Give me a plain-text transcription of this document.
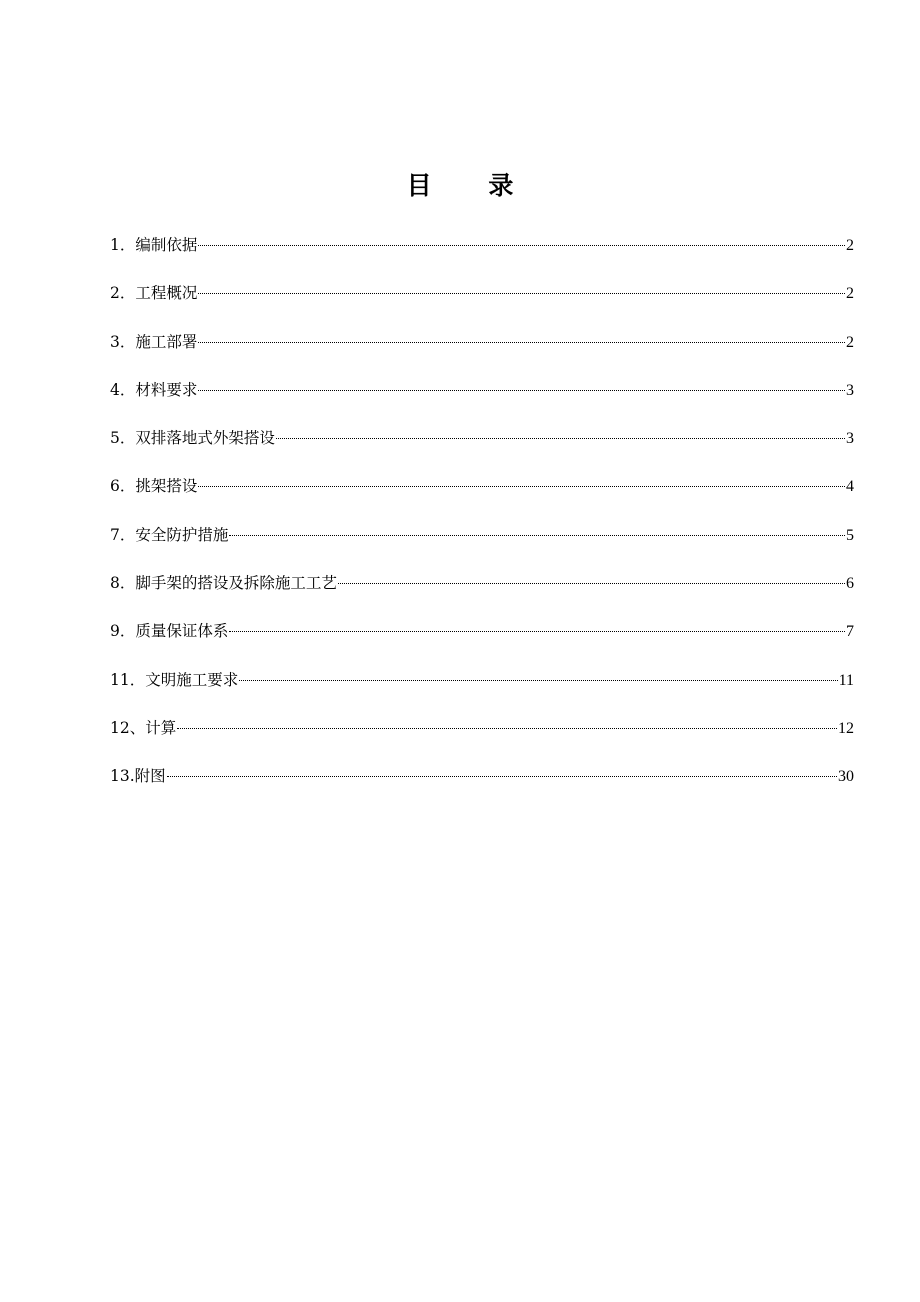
目 录
1．编制依据	2
2．工程概况	2
3．施工部署	2
4．材料要求	3
5．双排落地式外架搭设	3
6．挑架搭设	4
7．安全防护措施	5
8．脚手架的搭设及拆除施工工艺	6
9．质量保证体系	7
11．文明施工要求	11
12、计算	12
13.附图	30
